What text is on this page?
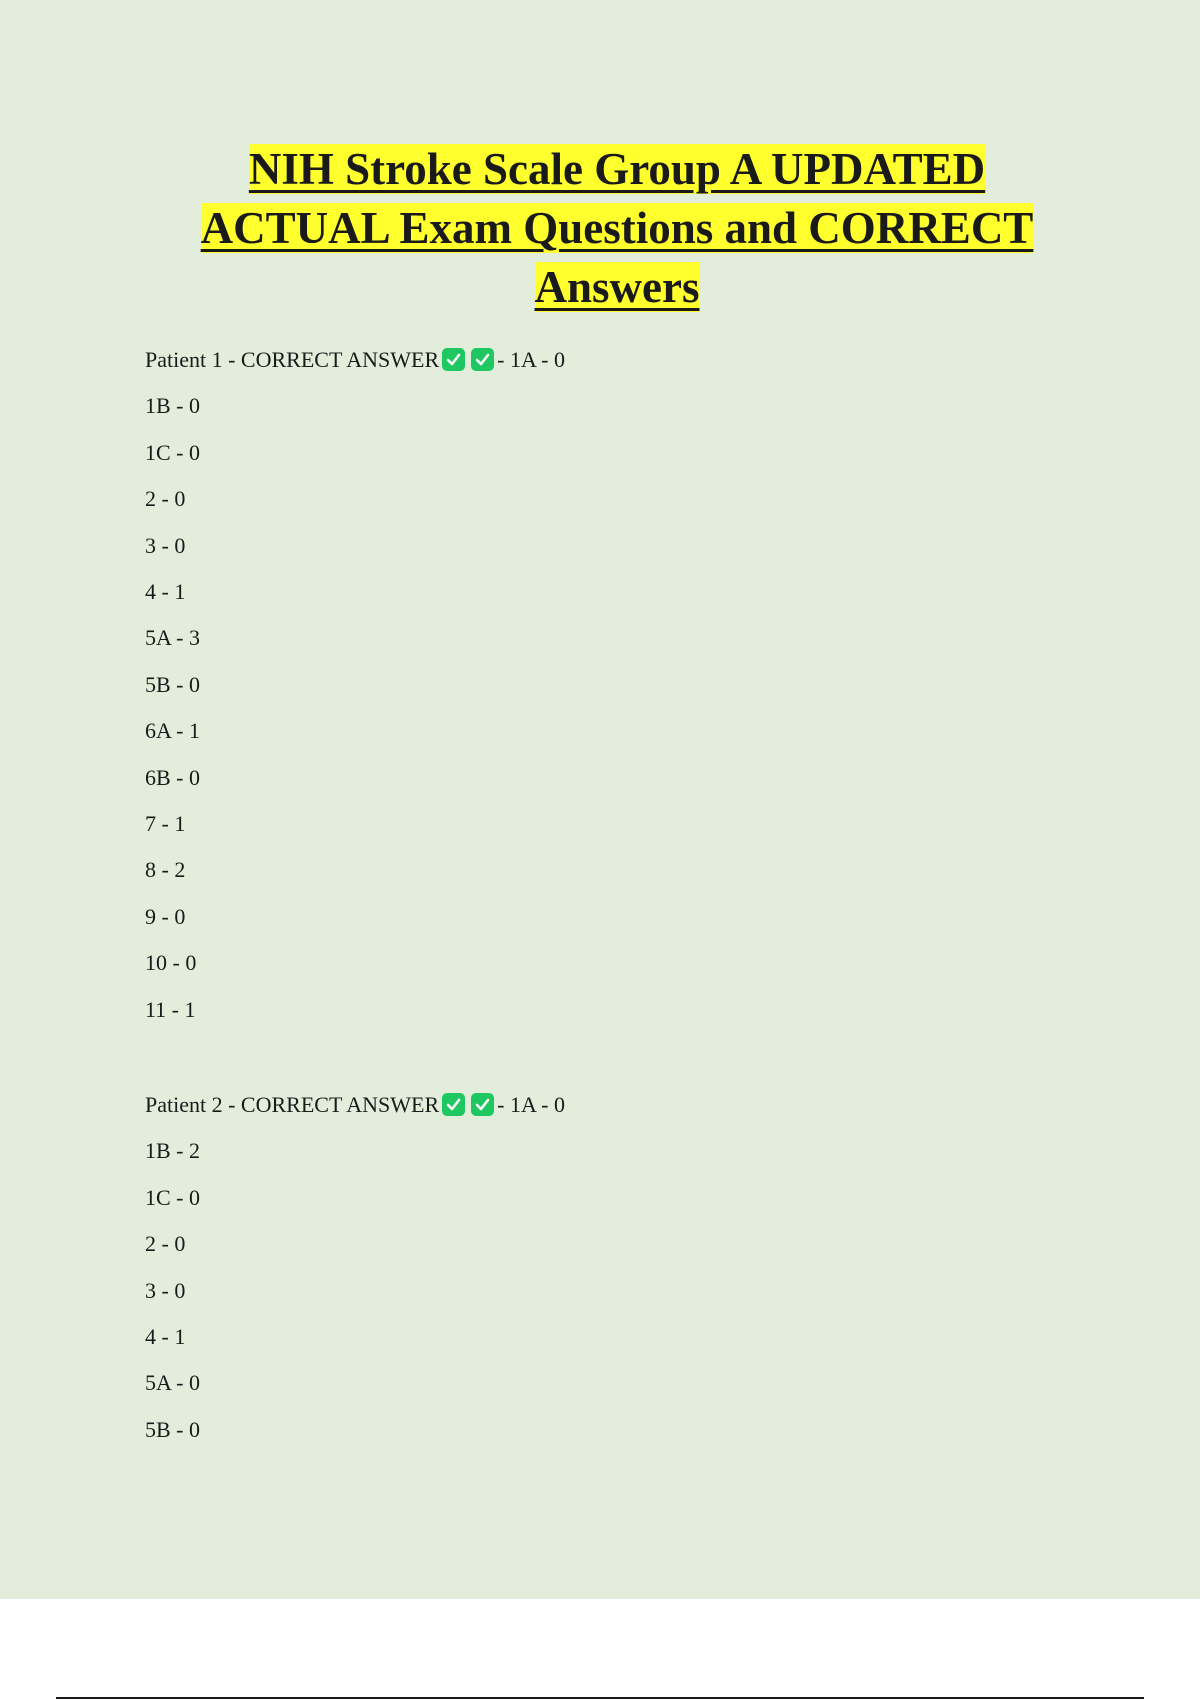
NIH Stroke Scale Group A UPDATED
ACTUAL Exam Questions and CORRECT
Answers
Patient 1 - CORRECT ANSWER	- 1A - 0
1B - 0
1C - 0
2 - 0
3 - 0
4 - 1
5A - 3
5B - 0
6A - 1
6B - 0
7 - 1
8 - 2
9 - 0
10 - 0
11 - 1
Patient 2 - CORRECT ANSWER	- 1A - 0
1B - 2
1C - 0
2 - 0
3 - 0
4 - 1
5A - 0
5B - 0
